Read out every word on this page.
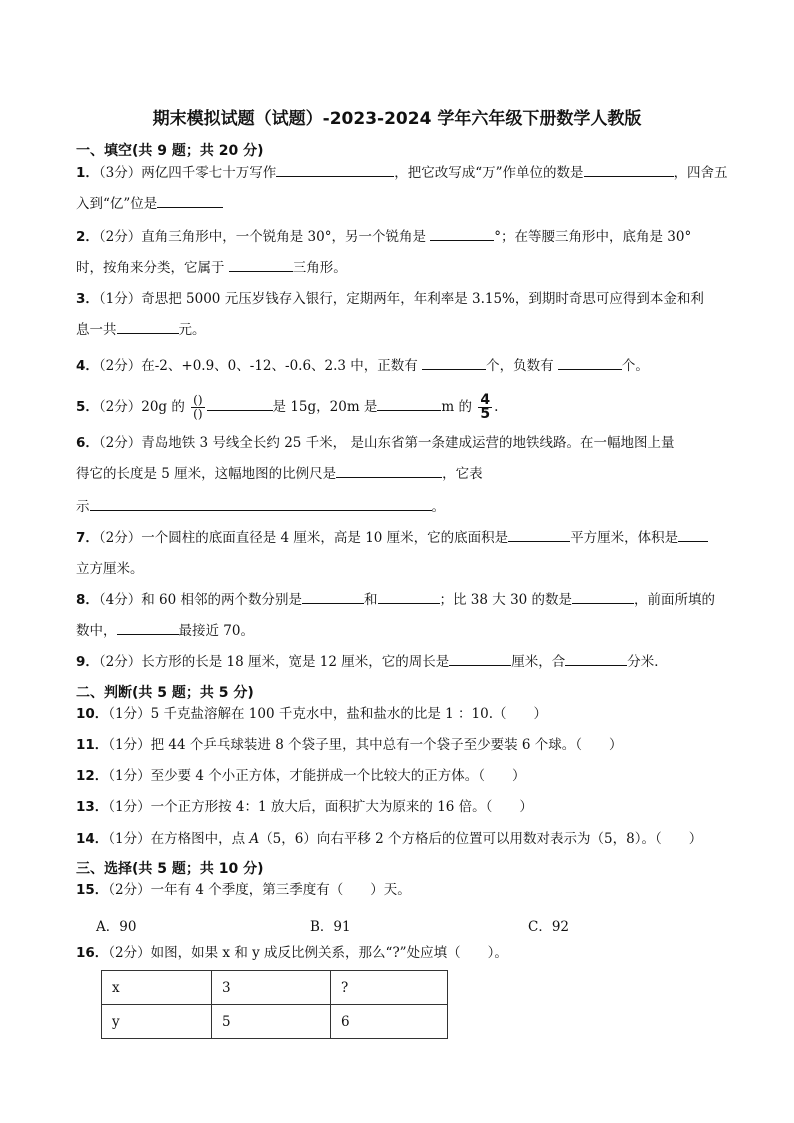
期末模拟试题（试题）-2023-2024 学年六年级下册数学人教版
一、填空(共 9 题；共 20 分)
1．（3分）两亿四千零七十万写作	，把它改写成“万”作单位的数是	，四舍五
入到“亿”位是
2．（2分）直角三角形中，一个锐角是 30°，另一个锐角是	°；在等腰三角形中，底角是 30°
时，按角来分类，它属于	三角形。
3．（1分）奇思把 5000 元压岁钱存入银行，定期两年，年利率是 3.15%，到期时奇思可应得到本金和利
息一共	元。
4．（2分）在-2、+0.9、0、-12、-0.6、2.3 中，正数有	个，负数有	个。
5．（2分）20g 的 $\frac{()}{()}$	是 15g，20m 是	m 的 $\frac{4}{5}$ .
6．（2分）青岛地铁 3 号线全长约 25 千米， 是山东省第一条建成运营的地铁线路。在一幅地图上量
得它的长度是 5 厘米，这幅地图的比例尺是	，它表
示	。
7．（2分）一个圆柱的底面直径是 4 厘米，高是 10 厘米，它的底面积是	平方厘米，体积是
立方厘米。
8．（4分）和 60 相邻的两个数分别是	和	；比 38 大 30 的数是	，前面所填的
数中，	最接近 70。
9．（2分）长方形的长是 18 厘米，宽是 12 厘米，它的周长是	厘米，合	分米．
二、判断(共 5 题；共 5 分)
10．（1分）5 千克盐溶解在 100 千克水中，盐和盐水的比是 1 ：10.（　　）
11．（1分）把 44 个乒乓球装进 8 个袋子里，其中总有一个袋子至少要装 6 个球。（　　）
12．（1分）至少要 4 个小正方体，才能拼成一个比较大的正方体。（　　）
13．（1分）一个正方形按 4：1 放大后，面积扩大为原来的 16 倍。（　　）
14．（1分）在方格图中，点 A（5，6）向右平移 2 个方格后的位置可以用数对表示为（5，8）。（　　）
三、选择(共 5 题；共 10 分)
15．（2分）一年有 4 个季度，第三季度有（　　）天。
A．90	B．91	C．92
16．（2分）如图，如果 x 和 y 成反比例关系，那么“?”处应填（　　）。
x	3	?
y	5	6
